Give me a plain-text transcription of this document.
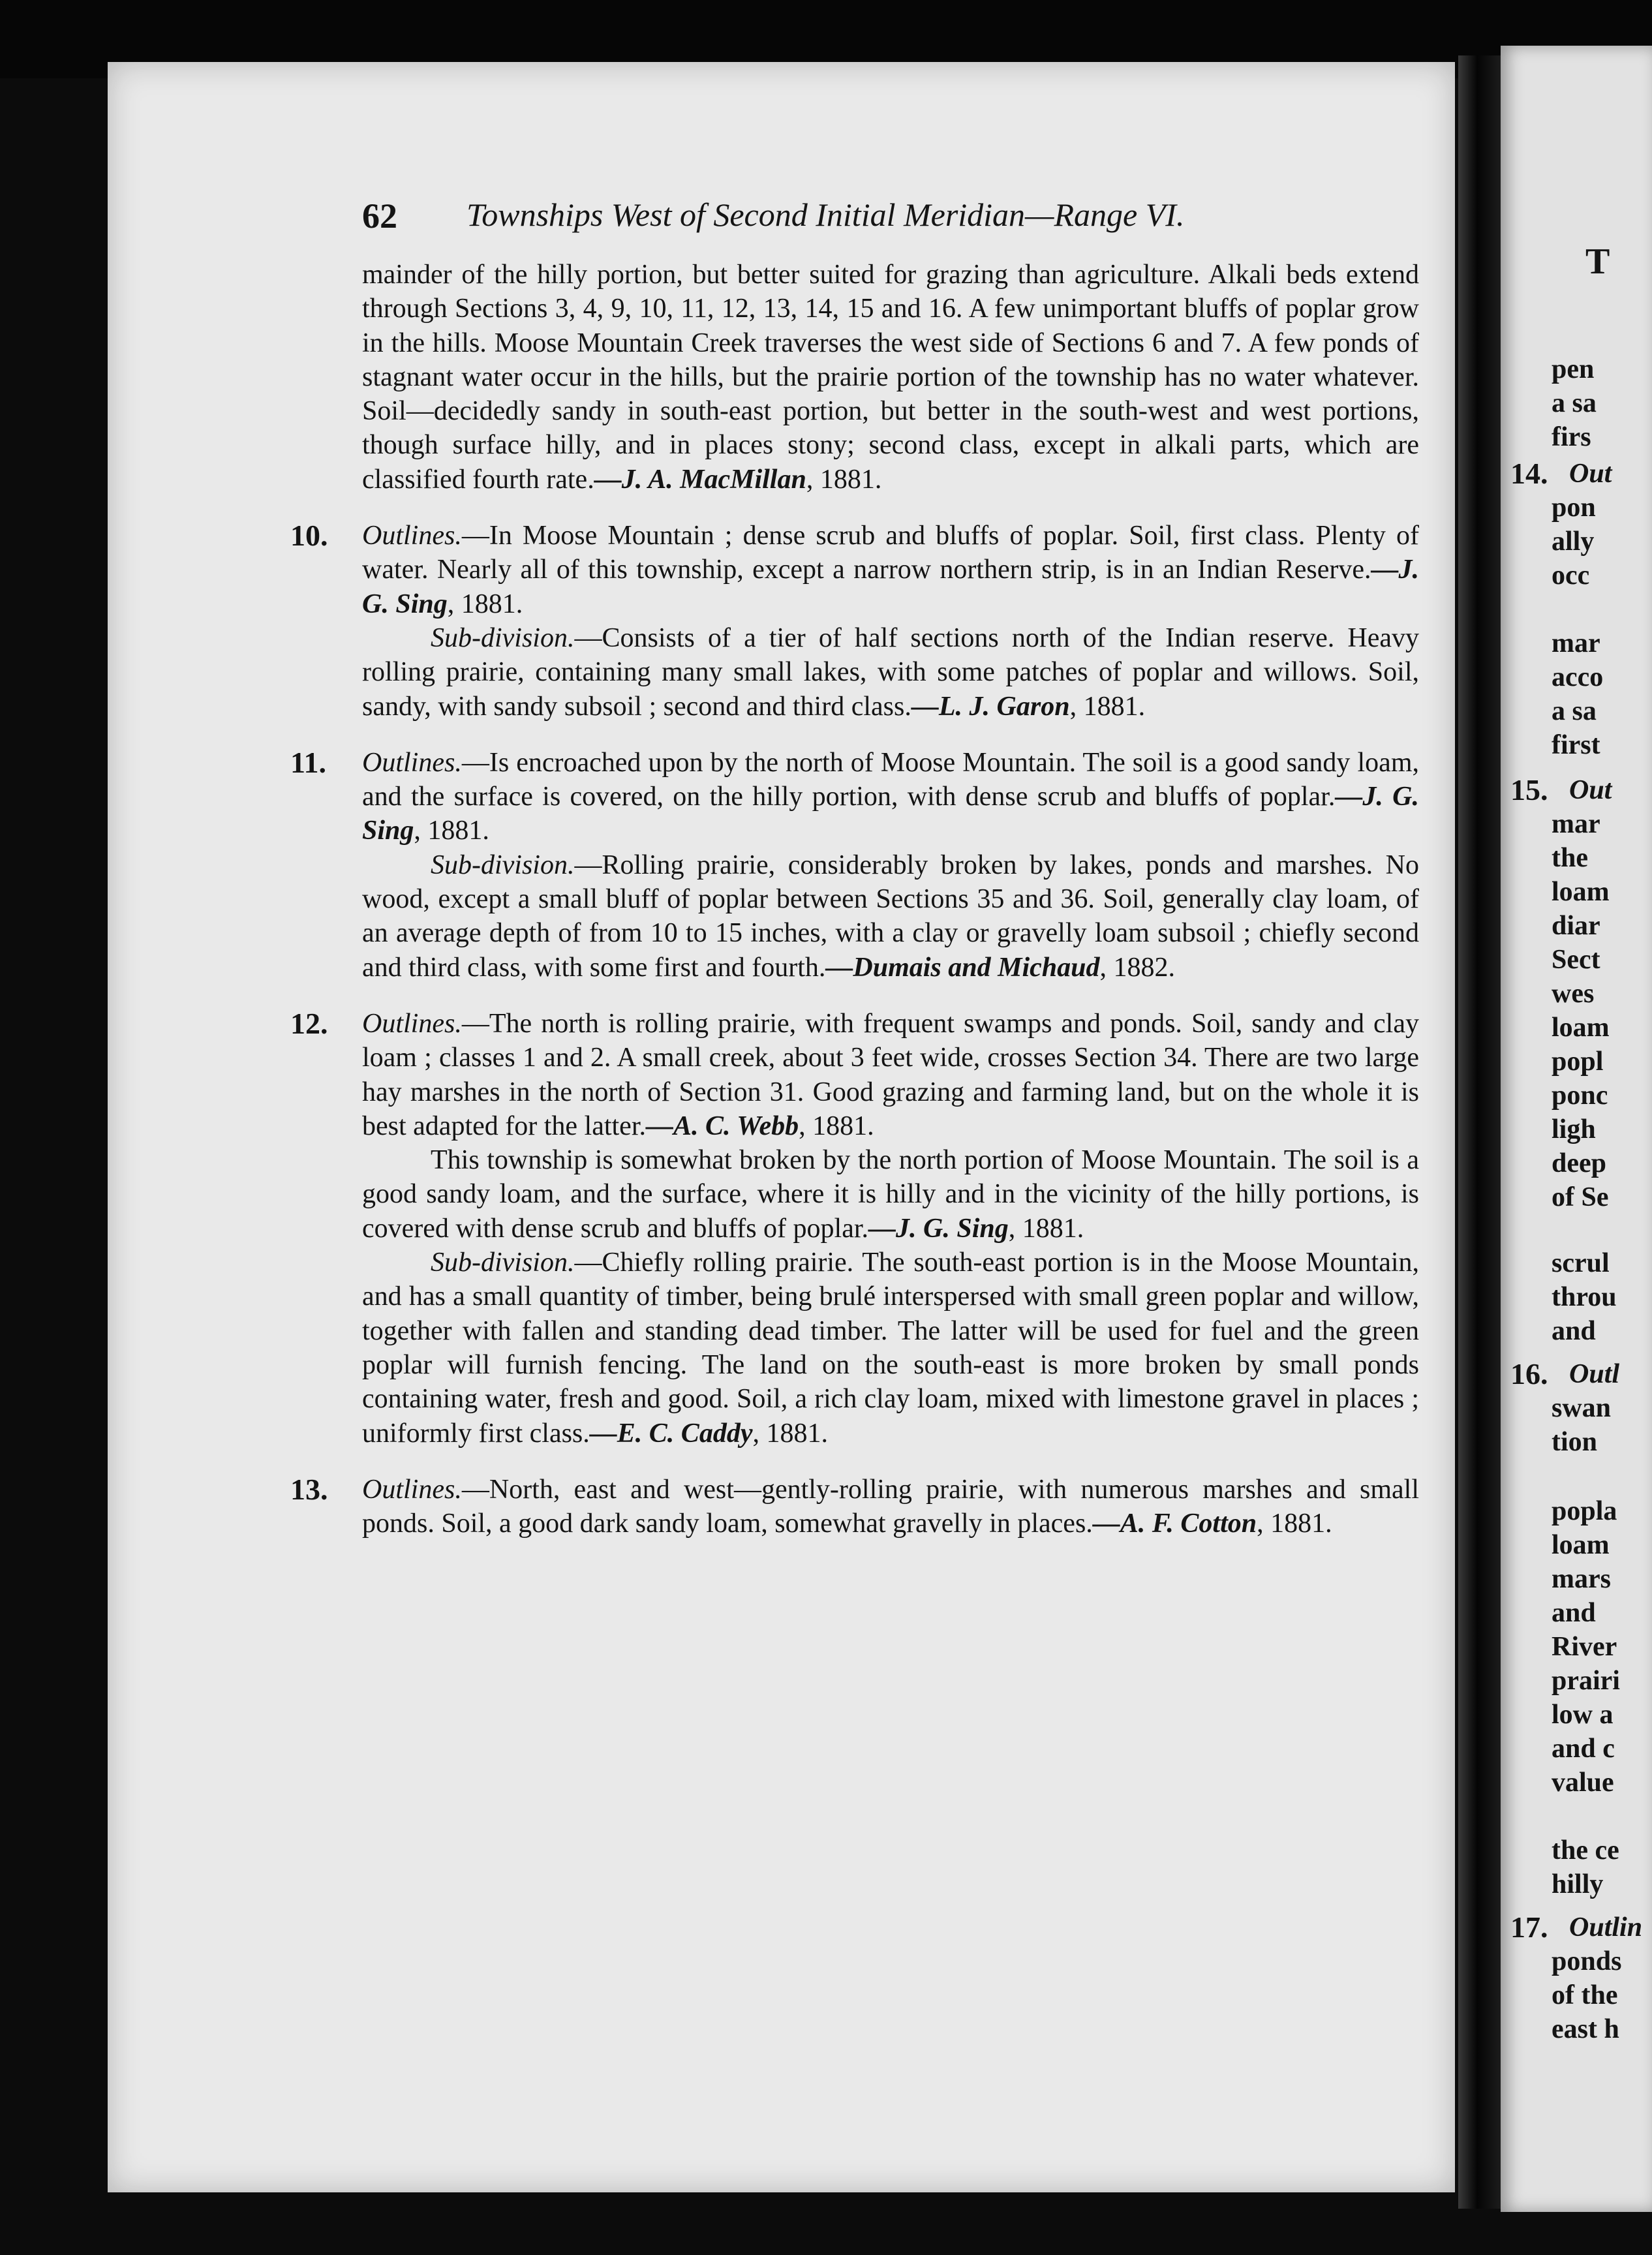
62 Townships West of Second Initial Meridian—Range VI.

mainder of the hilly portion, but better suited for grazing than agriculture. Alkali beds extend through Sections 3, 4, 9, 10, 11, 12, 13, 14, 15 and 16. A few unimportant bluffs of poplar grow in the hills. Moose Mountain Creek traverses the west side of Sections 6 and 7. A few ponds of stagnant water occur in the hills, but the prairie portion of the township has no water whatever. Soil—decidedly sandy in south-east portion, but better in the south-west and west portions, though surface hilly, and in places stony; second class, except in alkali parts, which are classified fourth rate.—J. A. MacMillan, 1881.

10.	Outlines.—In Moose Mountain ; dense scrub and bluffs of poplar. Soil, first class. Plenty of water. Nearly all of this township, except a narrow northern strip, is in an Indian Reserve.—J. G. Sing, 1881.

Sub-division.—Consists of a tier of half sections north of the Indian reserve. Heavy rolling prairie, containing many small lakes, with some patches of poplar and willows. Soil, sandy, with sandy subsoil ; second and third class.—L. J. Garon, 1881.

11.	Outlines.—Is encroached upon by the north of Moose Mountain. The soil is a good sandy loam, and the surface is covered, on the hilly portion, with dense scrub and bluffs of poplar.—J. G. Sing, 1881.

Sub-division.—Rolling prairie, considerably broken by lakes, ponds and marshes. No wood, except a small bluff of poplar between Sections 35 and 36. Soil, generally clay loam, of an average depth of from 10 to 15 inches, with a clay or gravelly loam subsoil ; chiefly second and third class, with some first and fourth.—Dumais and Michaud, 1882.

12.	Outlines.—The north is rolling prairie, with frequent swamps and ponds. Soil, sandy and clay loam ; classes 1 and 2. A small creek, about 3 feet wide, crosses Section 34. There are two large hay marshes in the north of Section 31. Good grazing and farming land, but on the whole it is best adapted for the latter.—A. C. Webb, 1881.

This township is somewhat broken by the north portion of Moose Mountain. The soil is a good sandy loam, and the surface, where it is hilly and in the vicinity of the hilly portions, is covered with dense scrub and bluffs of poplar.—J. G. Sing, 1881.

Sub-division.—Chiefly rolling prairie. The south-east portion is in the Moose Mountain, and has a small quantity of timber, being brulé interspersed with small green poplar and willow, together with fallen and standing dead timber. The latter will be used for fuel and the green poplar will furnish fencing. The land on the south-east is more broken by small ponds containing water, fresh and good. Soil, a rich clay loam, mixed with limestone gravel in places ; uniformly first class.—E. C. Caddy, 1881.

13.	Outlines.—North, east and west—gently-rolling prairie, with numerous marshes and small ponds. Soil, a good dark sandy loam, somewhat gravelly in places.—A. F. Cotton, 1881.

pen
a sa
firs
Out
pon
ally
occ
mar
acco
a sa
first
Out
mar
the
loam
diar
Sect
wes
loam
popl
ponc
ligh
deep
of Se
scrul
throu
and
Outl
swan
tion
popla
loam
mars
and
River
prairi
low a
and c
value
the ce
hilly
Outlin
ponds
of the
east h
14.
15.
16.
17.
T
